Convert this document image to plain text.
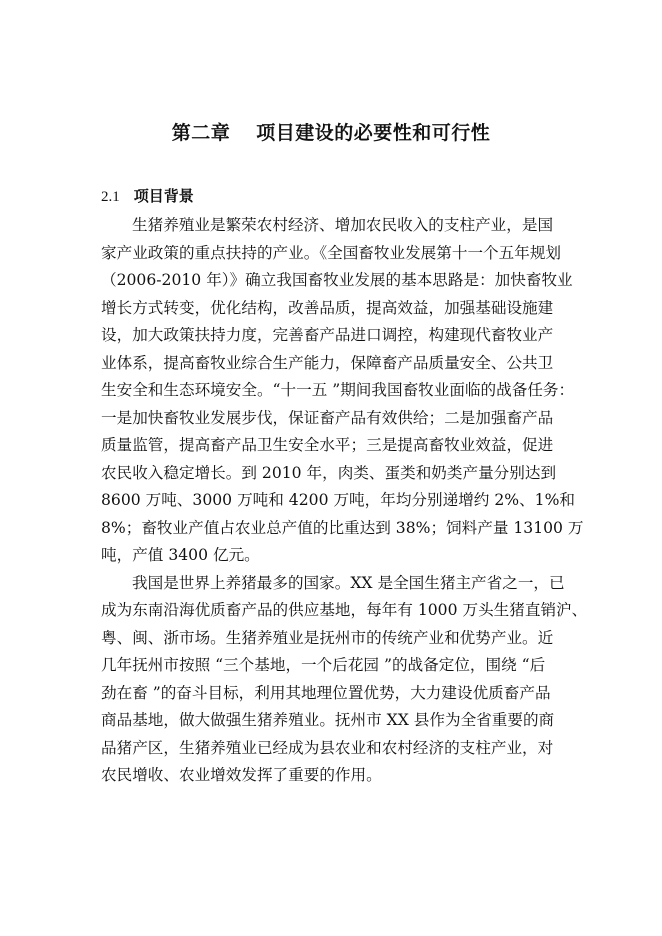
第二章 项目建设的必要性和可行性
2.1 项目背景
生猪养殖业是繁荣农村经济、增加农民收入的支柱产业，是国
家产业政策的重点扶持的产业。《全国畜牧业发展第十一个五年规划
（2006-2010 年）》确立我国畜牧业发展的基本思路是：加快畜牧业
增长方式转变，优化结构，改善品质，提高效益，加强基础设施建
设，加大政策扶持力度，完善畜产品进口调控，构建现代畜牧业产
业体系，提高畜牧业综合生产能力，保障畜产品质量安全、公共卫
生安全和生态环境安全。“十一五 ”期间我国畜牧业面临的战备任务：
一是加快畜牧业发展步伐，保证畜产品有效供给；二是加强畜产品
质量监管，提高畜产品卫生安全水平；三是提高畜牧业效益，促进
农民收入稳定增长。到 2010 年，肉类、蛋类和奶类产量分别达到
8600 万吨、3000 万吨和 4200 万吨，年均分别递增约 2%、1%和
8%；畜牧业产值占农业总产值的比重达到 38%；饲料产量 13100 万
吨，产值 3400 亿元。
我国是世界上养猪最多的国家。XX 是全国生猪主产省之一，已
成为东南沿海优质畜产品的供应基地，每年有 1000 万头生猪直销沪、
粤、闽、浙市场。生猪养殖业是抚州市的传统产业和优势产业。近
几年抚州市按照 “三个基地，一个后花园 ”的战备定位，围绕 “后
劲在畜 ”的奋斗目标，利用其地理位置优势，大力建设优质畜产品
商品基地，做大做强生猪养殖业。抚州市 XX 县作为全省重要的商
品猪产区，生猪养殖业已经成为县农业和农村经济的支柱产业，对
农民增收、农业增效发挥了重要的作用。
